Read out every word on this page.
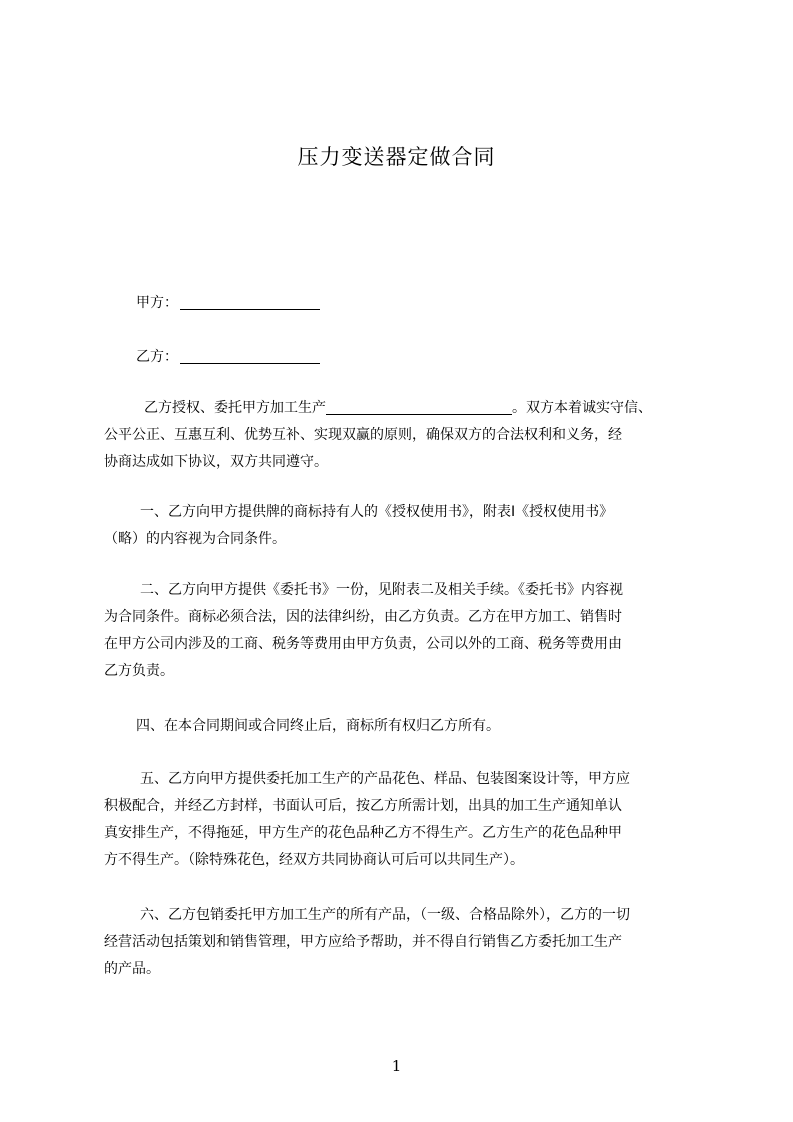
压力变送器定做合同
甲方：
乙方：
乙方授权、委托甲方加工生产	。双方本着诚实守信、
公平公正、互惠互利、优势互补、实现双赢的原则，确保双方的合法权利和义务，经
协商达成如下协议，双方共同遵守。
一、乙方向甲方提供牌的商标持有人的《授权使用书》，附表I《授权使用书》
（略）的内容视为合同条件。
二、乙方向甲方提供《委托书》一份，见附表二及相关手续。《委托书》内容视
为合同条件。商标必须合法，因的法律纠纷，由乙方负责。乙方在甲方加工、销售时
在甲方公司内涉及的工商、税务等费用由甲方负责，公司以外的工商、税务等费用由
乙方负责。
四、在本合同期间或合同终止后，商标所有权归乙方所有。
五、乙方向甲方提供委托加工生产的产品花色、样品、包装图案设计等，甲方应
积极配合，并经乙方封样，书面认可后，按乙方所需计划，出具的加工生产通知单认
真安排生产，不得拖延，甲方生产的花色品种乙方不得生产。乙方生产的花色品种甲
方不得生产。（除特殊花色，经双方共同协商认可后可以共同生产）。
六、乙方包销委托甲方加工生产的所有产品，（一级、合格品除外），乙方的一切
经营活动包括策划和销售管理，甲方应给予帮助，并不得自行销售乙方委托加工生产
的产品。
1
